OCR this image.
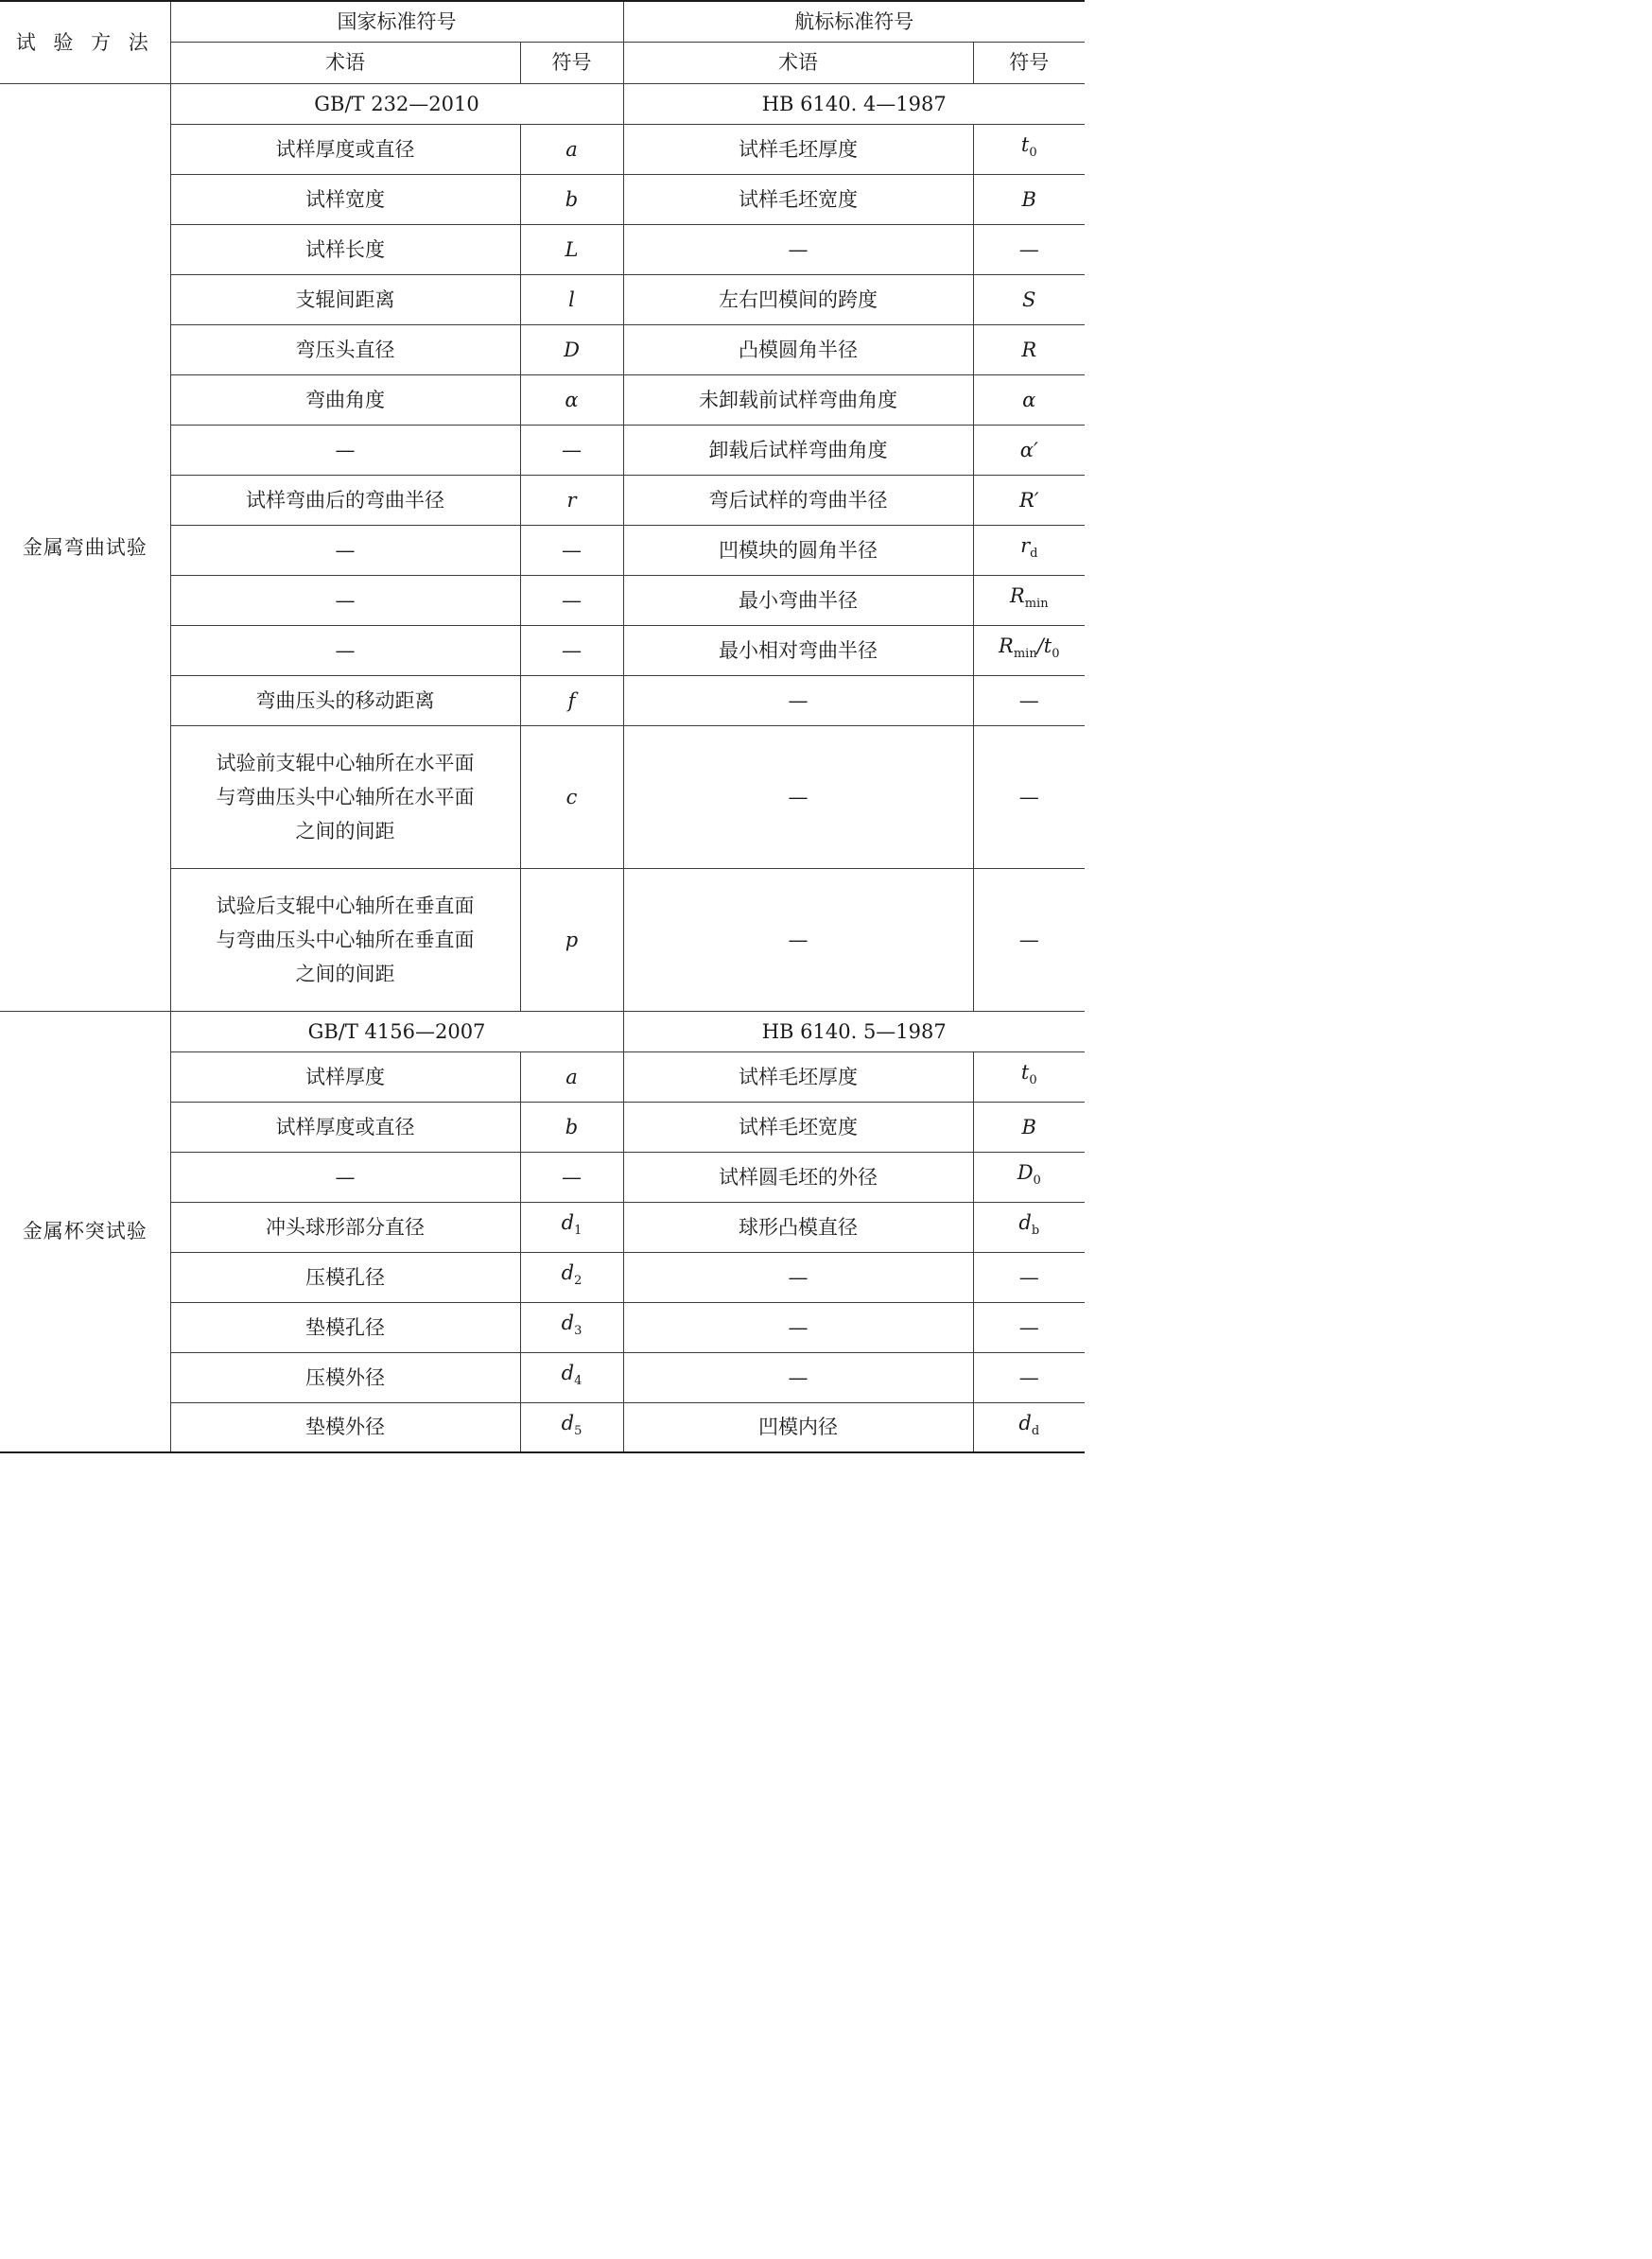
试 验 方 法	国家标准符号		航标标准符号	
	术语	符号	术语	符号
金属弯曲试验	GB/T 232—2010		HB 6140. 4—1987	
	试样厚度或直径	a	试样毛坯厚度	$t_0$
	试样宽度	b	试样毛坯宽度	B
	试样长度	L	—	—
	支辊间距离	l	左右凹模间的跨度	S
	弯压头直径	D	凸模圆角半径	R
	弯曲角度	α	未卸载前试样弯曲角度	α
	—	—	卸载后试样弯曲角度	α′
	试样弯曲后的弯曲半径	r	弯后试样的弯曲半径	R′
	—	—	凹模块的圆角半径	$r_d$
	—	—	最小弯曲半径	$R_{min}$
	—	—	最小相对弯曲半径	$R_{min}/t_0$
	弯曲压头的移动距离	f	—	—

	试验前支辊中心轴所在水平面
与弯曲压头中心轴所在水平面
之间的间距	c	—	—

	试验后支辊中心轴所在垂直面
与弯曲压头中心轴所在垂直面
之间的间距	p	—	—
金属杯突试验	GB/T 4156—2007		HB 6140. 5—1987	
	试样厚度	a	试样毛坯厚度	$t_0$
	试样厚度或直径	b	试样毛坯宽度	B
	—	—	试样圆毛坯的外径	$D_0$
	冲头球形部分直径	$d_1$	球形凸模直径	$d_b$
	压模孔径	$d_2$	—	—
	垫模孔径	$d_3$	—	—
	压模外径	$d_4$	—	—
	垫模外径	$d_5$	凹模内径	$d_d$
